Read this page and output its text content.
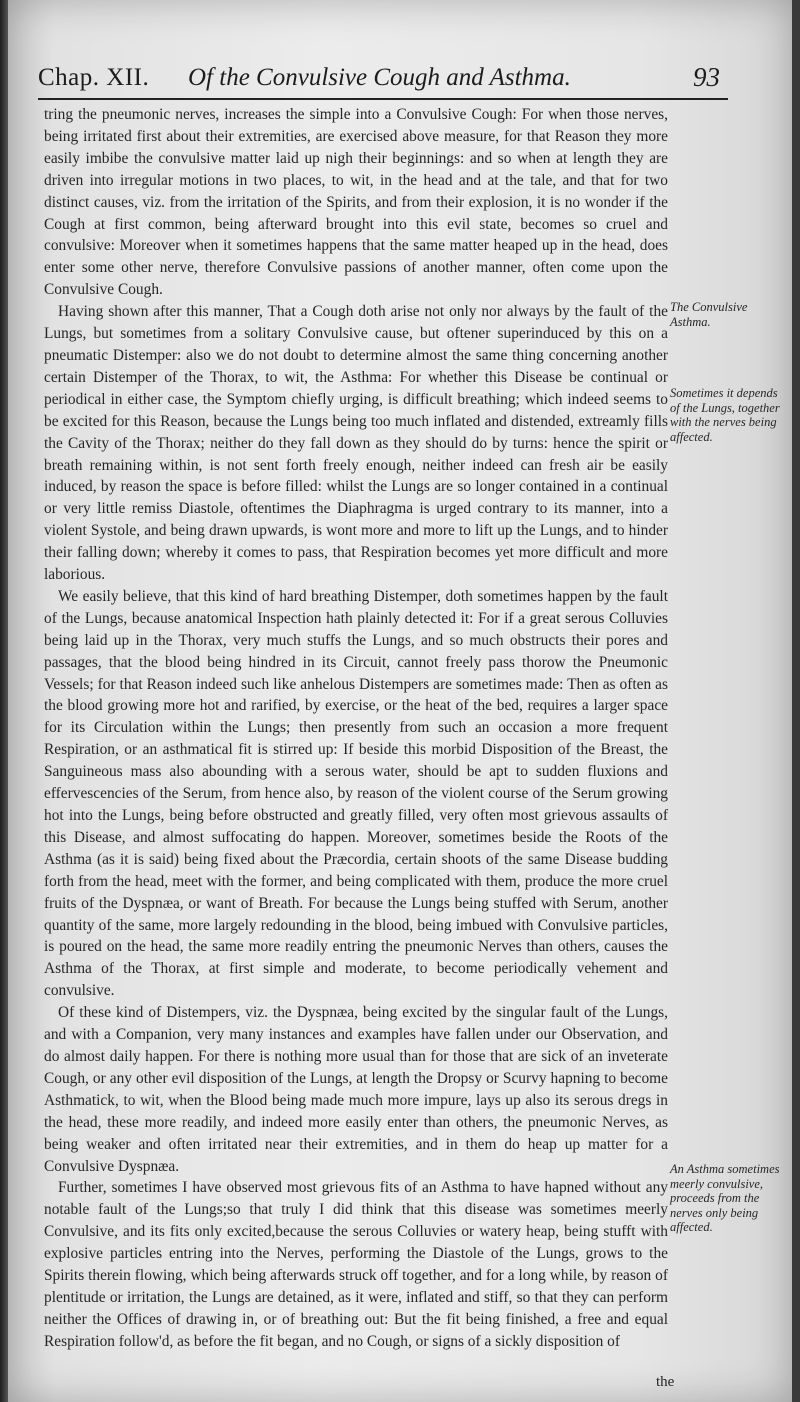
Chap. XII. Of the Convulsive Cough and Asthma.	93

tring the pneumonic nerves, increases the simple into a Convulsive Cough: For when those nerves, being irritated first about their extremities, are exercised above measure, for that Reason they more easily imbibe the convulsive matter laid up nigh their beginnings: and so when at length they are driven into irregular motions in two places, to wit, in the head and at the tale, and that for two distinct causes, viz. from the irritation of the Spirits, and from their explosion, it is no wonder if the Cough at first common, being afterward brought into this evil state, becomes so cruel and convulsive: Moreover when it sometimes happens that the same matter heaped up in the head, does enter some other nerve, therefore Convulsive passions of another manner, often come upon the Convulsive Cough.

Having shown after this manner, That a Cough doth arise not only nor always by the fault of the Lungs, but sometimes from a solitary Convulsive cause, but oftener superinduced by this on a pneumatic Distemper: also we do not doubt to determine almost the same thing concerning another certain Distemper of the Thorax, to wit, the Asthma: For whether this Disease be continual or periodical in either case, the Symptom chiefly urging, is difficult breathing; which indeed seems to be excited for this Reason, because the Lungs being too much inflated and distended, extreamly fills the Cavity of the Thorax; neither do they fall down as they should do by turns: hence the spirit or breath remaining within, is not sent forth freely enough, neither indeed can fresh air be easily induced, by reason the space is before filled: whilst the Lungs are so longer contained in a continual or very little remiss Diastole, oftentimes the Diaphragma is urged contrary to its manner, into a violent Systole, and being drawn upwards, is wont more and more to lift up the Lungs, and to hinder their falling down; whereby it comes to pass, that Respiration becomes yet more difficult and more laborious.

We easily believe, that this kind of hard breathing Distemper, doth sometimes happen by the fault of the Lungs, because anatomical Inspection hath plainly detected it: For if a great serous Colluvies being laid up in the Thorax, very much stuffs the Lungs, and so much obstructs their pores and passages, that the blood being hindred in its Circuit, cannot freely pass thorow the Pneumonic Vessels; for that Reason indeed such like anhelous Distempers are sometimes made: Then as often as the blood growing more hot and rarified, by exercise, or the heat of the bed, requires a larger space for its Circulation within the Lungs; then presently from such an occasion a more frequent Respiration, or an asthmatical fit is stirred up: If beside this morbid Disposition of the Breast, the Sanguineous mass also abounding with a serous water, should be apt to sudden fluxions and effervescencies of the Serum, from hence also, by reason of the violent course of the Serum growing hot into the Lungs, being before obstructed and greatly filled, very often most grievous assaults of this Disease, and almost suffocating do happen. Moreover, sometimes beside the Roots of the Asthma (as it is said) being fixed about the Præcordia, certain shoots of the same Disease budding forth from the head, meet with the former, and being complicated with them, produce the more cruel fruits of the Dyspnæa, or want of Breath. For because the Lungs being stuffed with Serum, another quantity of the same, more largely redounding in the blood, being imbued with Convulsive particles, is poured on the head, the same more readily entring the pneumonic Nerves than others, causes the Asthma of the Thorax, at first simple and moderate, to become periodically vehement and convulsive.

Of these kind of Distempers, viz. the Dyspnæa, being excited by the singular fault of the Lungs, and with a Companion, very many instances and examples have fallen under our Observation, and do almost daily happen. For there is nothing more usual than for those that are sick of an inveterate Cough, or any other evil disposition of the Lungs, at length the Dropsy or Scurvy hapning to become Asthmatick, to wit, when the Blood being made much more impure, lays up also its serous dregs in the head, these more readily, and indeed more easily enter than others, the pneumonic Nerves, as being weaker and often irritated near their extremities, and in them do heap up matter for a Convulsive Dyspnæa.

Further, sometimes I have observed most grievous fits of an Asthma to have hapned without any notable fault of the Lungs;so that truly I did think that this disease was sometimes meerly Convulsive, and its fits only excited,because the serous Colluvies or watery heap, being stufft with explosive particles entring into the Nerves, performing the Diastole of the Lungs, grows to the Spirits therein flowing, which being afterwards struck off together, and for a long while, by reason of plentitude or irritation, the Lungs are detained, as it were, inflated and stiff, so that they can perform neither the Offices of drawing in, or of breathing out: But the fit being finished, a free and equal Respiration follow'd, as before the fit began, and no Cough, or signs of a sickly disposition of

The Convulsive Asthma.
Sometimes it depends of the Lungs, together with the nerves being affected.
An Asthma sometimes meerly convulsive, proceeds from the nerves only being affected.
the
